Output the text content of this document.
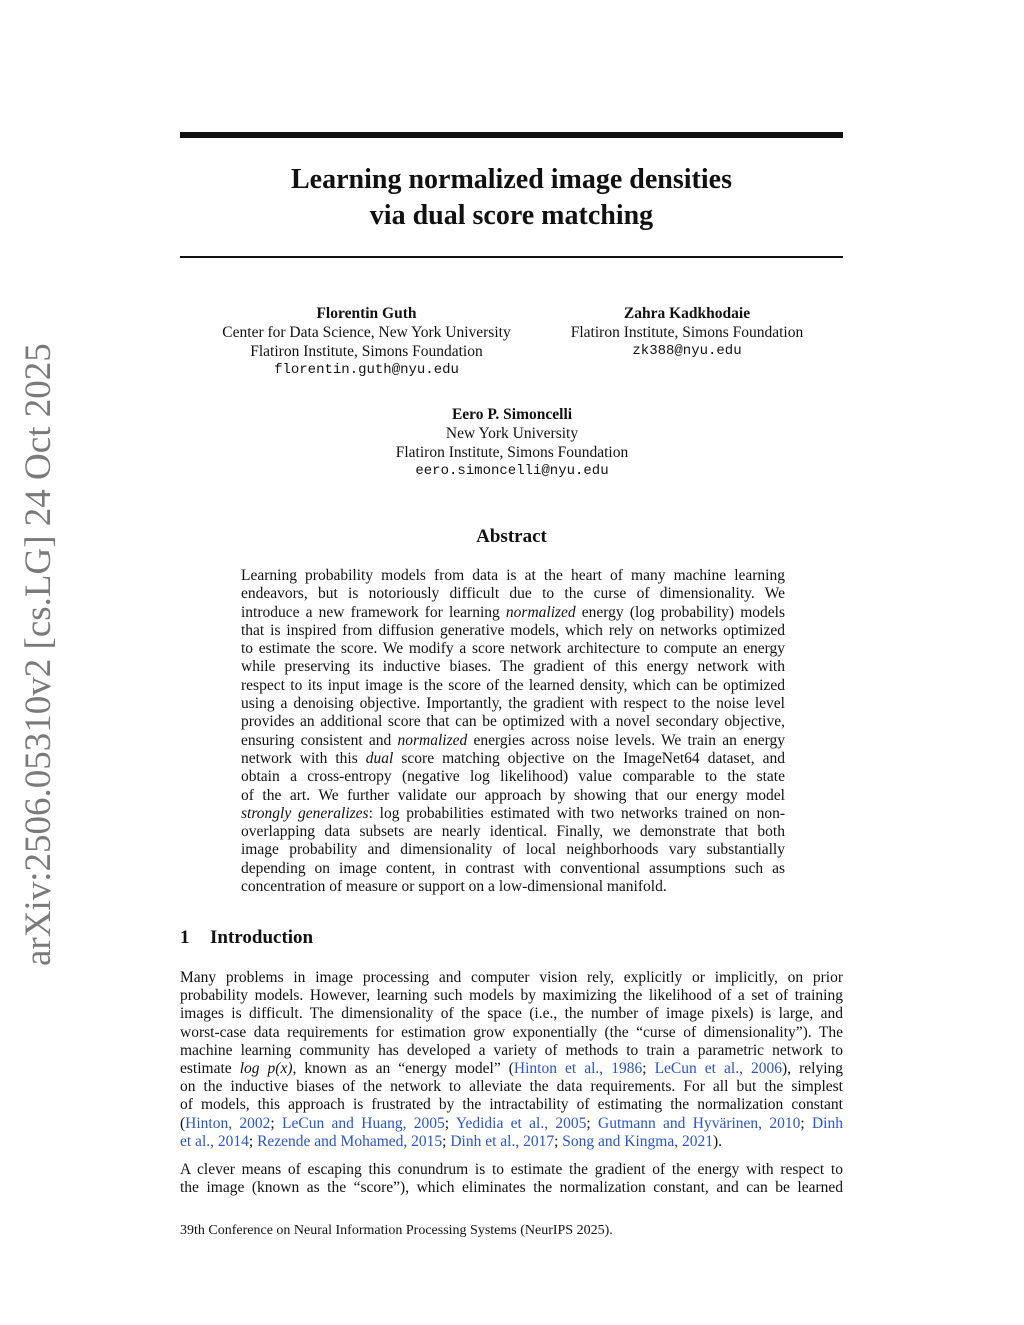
arXiv:2506.05310v2 [cs.LG] 24 Oct 2025
Learning normalized image densities
via dual score matching
Florentin Guth
Center for Data Science, New York University
Flatiron Institute, Simons Foundation
florentin.guth@nyu.edu
Zahra Kadkhodaie
Flatiron Institute, Simons Foundation
zk388@nyu.edu
Eero P. Simoncelli
New York University
Flatiron Institute, Simons Foundation
eero.simoncelli@nyu.edu
Abstract
Learning probability models from data is at the heart of many machine learning
endeavors, but is notoriously difficult due to the curse of dimensionality. We
introduce a new framework for learning normalized energy (log probability) models
that is inspired from diffusion generative models, which rely on networks optimized
to estimate the score. We modify a score network architecture to compute an energy
while preserving its inductive biases. The gradient of this energy network with
respect to its input image is the score of the learned density, which can be optimized
using a denoising objective. Importantly, the gradient with respect to the noise level
provides an additional score that can be optimized with a novel secondary objective,
ensuring consistent and normalized energies across noise levels. We train an energy
network with this dual score matching objective on the ImageNet64 dataset, and
obtain a cross-entropy (negative log likelihood) value comparable to the state
of the art. We further validate our approach by showing that our energy model
strongly generalizes: log probabilities estimated with two networks trained on non-
overlapping data subsets are nearly identical. Finally, we demonstrate that both
image probability and dimensionality of local neighborhoods vary substantially
depending on image content, in contrast with conventional assumptions such as
concentration of measure or support on a low-dimensional manifold.
1 Introduction
Many problems in image processing and computer vision rely, explicitly or implicitly, on prior
probability models. However, learning such models by maximizing the likelihood of a set of training
images is difficult. The dimensionality of the space (i.e., the number of image pixels) is large, and
worst-case data requirements for estimation grow exponentially (the “curse of dimensionality”). The
machine learning community has developed a variety of methods to train a parametric network to
estimate log p(x), known as an “energy model” (Hinton et al., 1986; LeCun et al., 2006), relying
on the inductive biases of the network to alleviate the data requirements. For all but the simplest
of models, this approach is frustrated by the intractability of estimating the normalization constant
(Hinton, 2002; LeCun and Huang, 2005; Yedidia et al., 2005; Gutmann and Hyvärinen, 2010; Dinh
et al., 2014; Rezende and Mohamed, 2015; Dinh et al., 2017; Song and Kingma, 2021).
A clever means of escaping this conundrum is to estimate the gradient of the energy with respect to
the image (known as the “score”), which eliminates the normalization constant, and can be learned
39th Conference on Neural Information Processing Systems (NeurIPS 2025).
